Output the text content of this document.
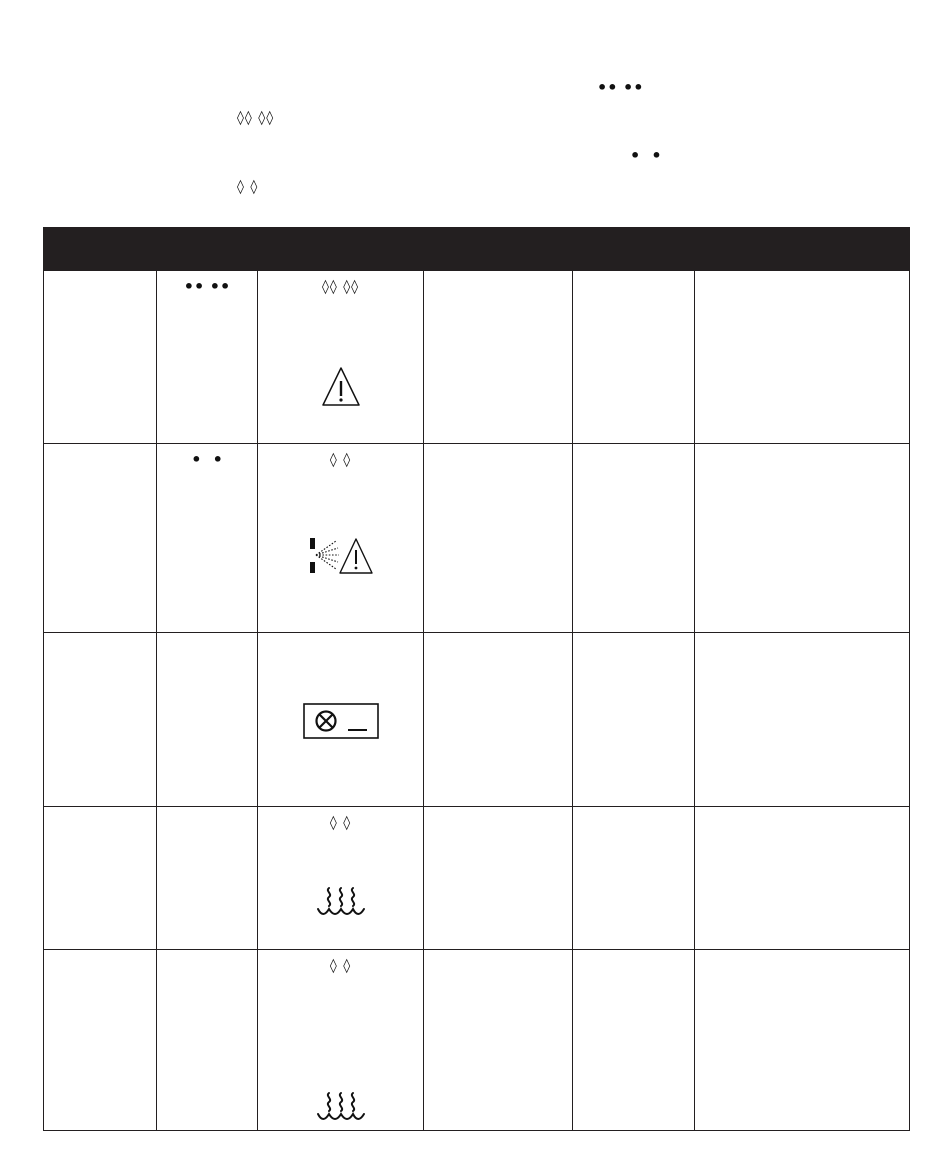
•• ••
◊◊ ◊◊
•  •
◊ ◊

	•• ••	◊◊ ◊◊			

	•  •	◊ ◊			

		◊ ◊			

		◊ ◊			
